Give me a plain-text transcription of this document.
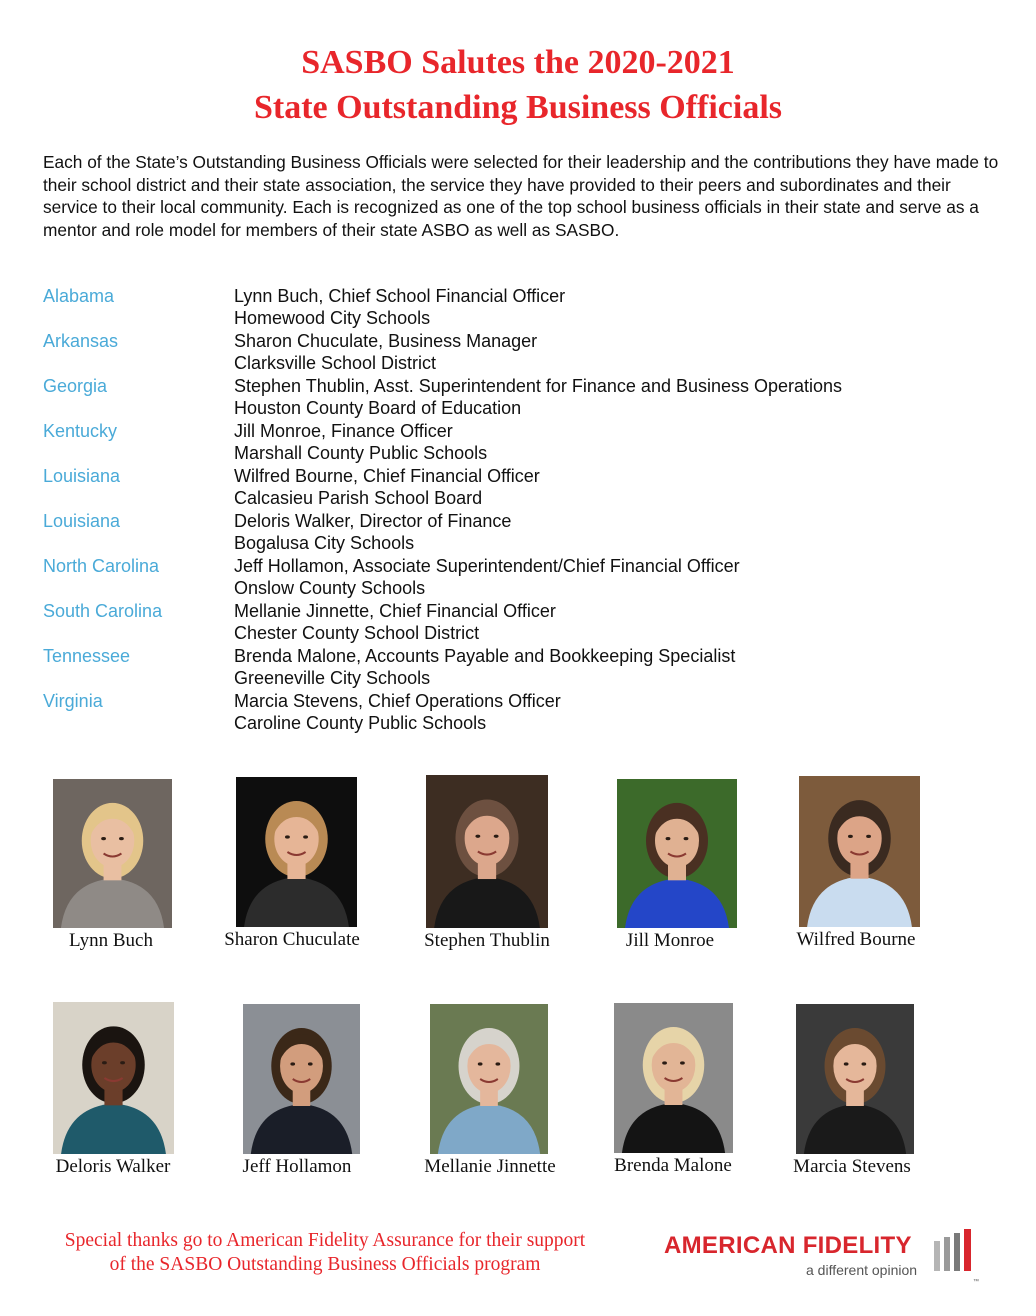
SASBO Salutes the 2020-2021
State Outstanding Business Officials

Each of the State’s Outstanding Business Officials were selected for their leadership and the contributions they have made to their school district and their state association, the service they have provided to their peers and subordinates and their service to their local community. Each is recognized as one of the top school business officials in their state and serve as a mentor and role model for members of their state ASBO as well as SASBO.

Alabama	Lynn Buch, Chief School Financial Officer
Homewood City Schools
Arkansas	Sharon Chuculate, Business Manager
Clarksville School District
Georgia	Stephen Thublin, Asst. Superintendent for Finance and Business Operations
Houston County Board of Education
Kentucky	Jill Monroe, Finance Officer
Marshall County Public Schools
Louisiana	Wilfred Bourne, Chief Financial Officer
Calcasieu Parish School Board
Louisiana	Deloris Walker, Director of Finance
Bogalusa City Schools
North Carolina	Jeff Hollamon, Associate Superintendent/Chief Financial Officer
Onslow County Schools
South Carolina	Mellanie Jinnette, Chief Financial Officer
Chester County School District
Tennessee	Brenda Malone, Accounts Payable and Bookkeeping Specialist
Greeneville City Schools
Virginia	Marcia Stevens, Chief Operations Officer
Caroline County Public Schools
Lynn Buch	Sharon Chuculate	Stephen Thublin	Jill Monroe	Wilfred Bourne
Deloris Walker	Jeff Hollamon	Mellanie Jinnette	Brenda Malone	Marcia Stevens
Special thanks go to American Fidelity Assurance for their support
of the SASBO Outstanding Business Officials program
AMERICAN FIDELITY
a different opinion
™
